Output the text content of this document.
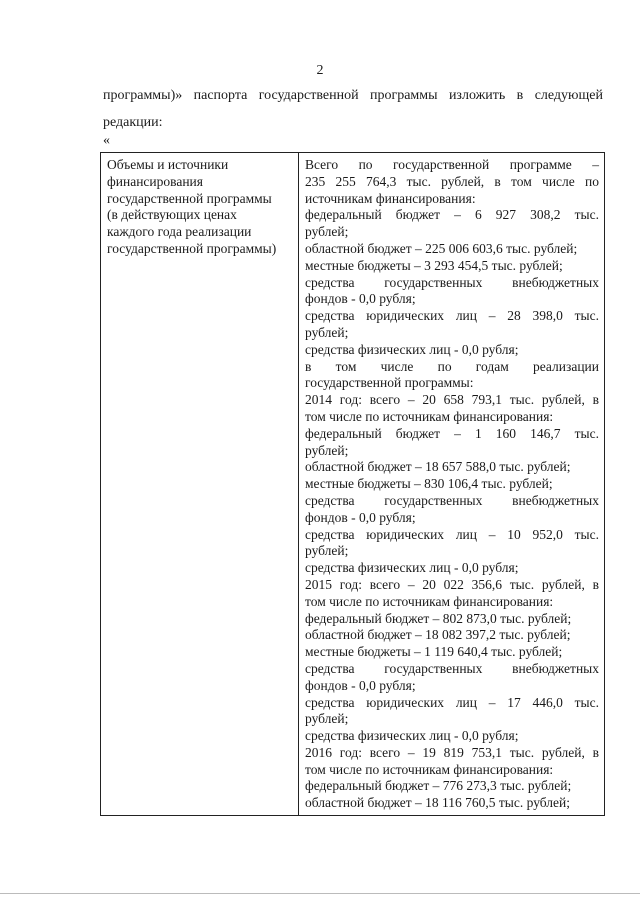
2
программы)» паспорта государственной программы изложить в следующей
редакции:
«
Объемы и источники
финансирования
государственной программы
(в действующих ценах
каждого года реализации
государственной программы)
Всего по государственной программе –
235 255 764,3 тыс. рублей, в том числе по
источникам финансирования:
федеральный бюджет – 6 927 308,2 тыс.
рублей;
областной бюджет – 225 006 603,6 тыс. рублей;
местные бюджеты – 3 293 454,5 тыс. рублей;
средства государственных внебюджетных
фондов - 0,0 рубля;
средства юридических лиц – 28 398,0 тыс.
рублей;
средства физических лиц - 0,0 рубля;
в том числе по годам реализации
государственной программы:
2014 год: всего – 20 658 793,1 тыс. рублей, в
том числе по источникам финансирования:
федеральный бюджет – 1 160 146,7 тыс.
рублей;
областной бюджет – 18 657 588,0 тыс. рублей;
местные бюджеты – 830 106,4 тыс. рублей;
средства государственных внебюджетных
фондов - 0,0 рубля;
средства юридических лиц – 10 952,0 тыс.
рублей;
средства физических лиц - 0,0 рубля;
2015 год: всего – 20 022 356,6 тыс. рублей, в
том числе по источникам финансирования:
федеральный бюджет – 802 873,0 тыс. рублей;
областной бюджет – 18 082 397,2 тыс. рублей;
местные бюджеты – 1 119 640,4 тыс. рублей;
средства государственных внебюджетных
фондов - 0,0 рубля;
средства юридических лиц – 17 446,0 тыс.
рублей;
средства физических лиц - 0,0 рубля;
2016 год: всего – 19 819 753,1 тыс. рублей, в
том числе по источникам финансирования:
федеральный бюджет – 776 273,3 тыс. рублей;
областной бюджет – 18 116 760,5 тыс. рублей;
